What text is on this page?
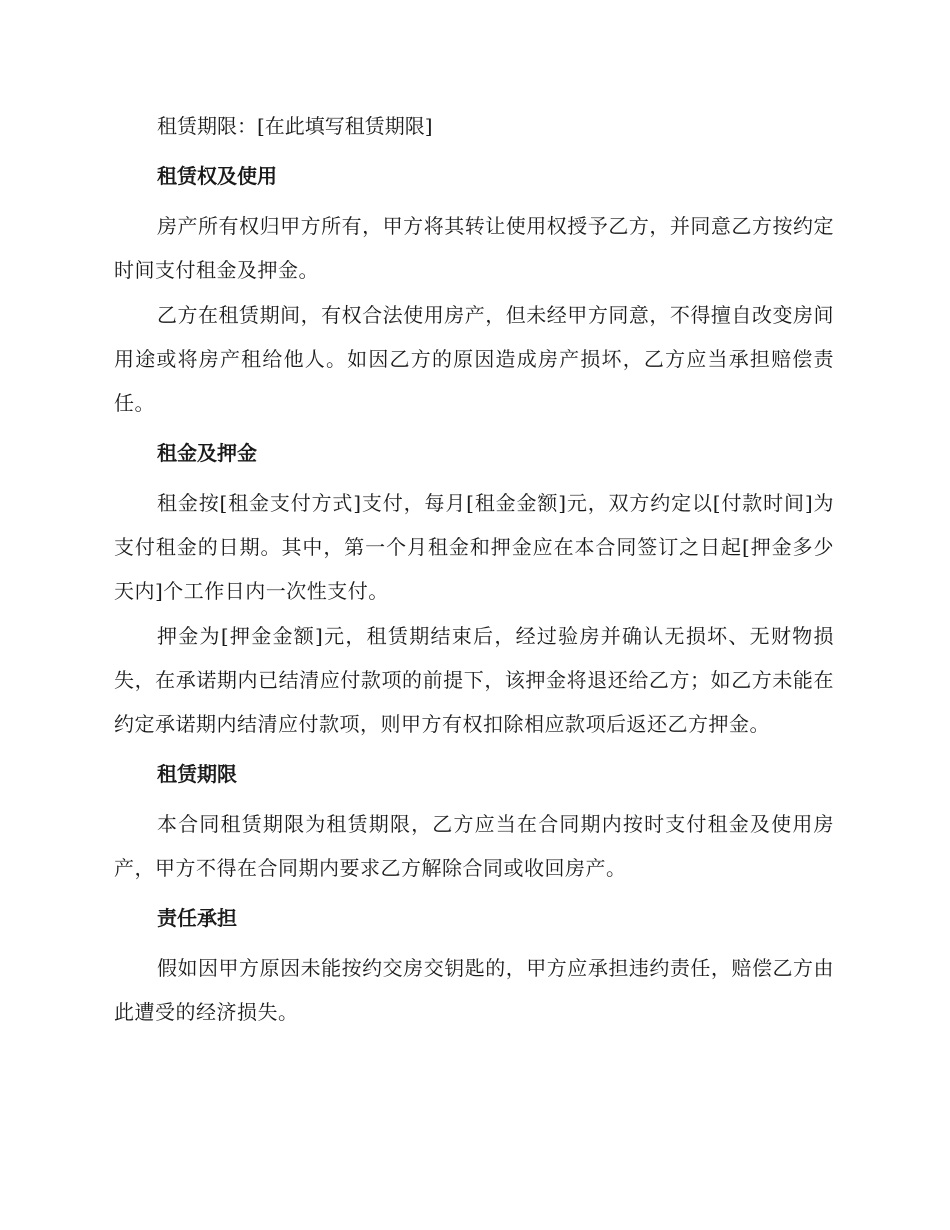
租赁期限：[在此填写租赁期限]

租赁权及使用

房产所有权归甲方所有，甲方将其转让使用权授予乙方，并同意乙方按约定时间支付租金及押金。

乙方在租赁期间，有权合法使用房产，但未经甲方同意，不得擅自改变房间用途或将房产租给他人。如因乙方的原因造成房产损坏，乙方应当承担赔偿责任。

租金及押金

租金按[租金支付方式]支付，每月[租金金额]元，双方约定以[付款时间]为支付租金的日期。其中，第一个月租金和押金应在本合同签订之日起[押金多少天内]个工作日内一次性支付。

押金为[押金金额]元，租赁期结束后，经过验房并确认无损坏、无财物损失，在承诺期内已结清应付款项的前提下，该押金将退还给乙方；如乙方未能在约定承诺期内结清应付款项，则甲方有权扣除相应款项后返还乙方押金。

租赁期限

本合同租赁期限为租赁期限，乙方应当在合同期内按时支付租金及使用房产，甲方不得在合同期内要求乙方解除合同或收回房产。

责任承担

假如因甲方原因未能按约交房交钥匙的，甲方应承担违约责任，赔偿乙方由此遭受的经济损失。
